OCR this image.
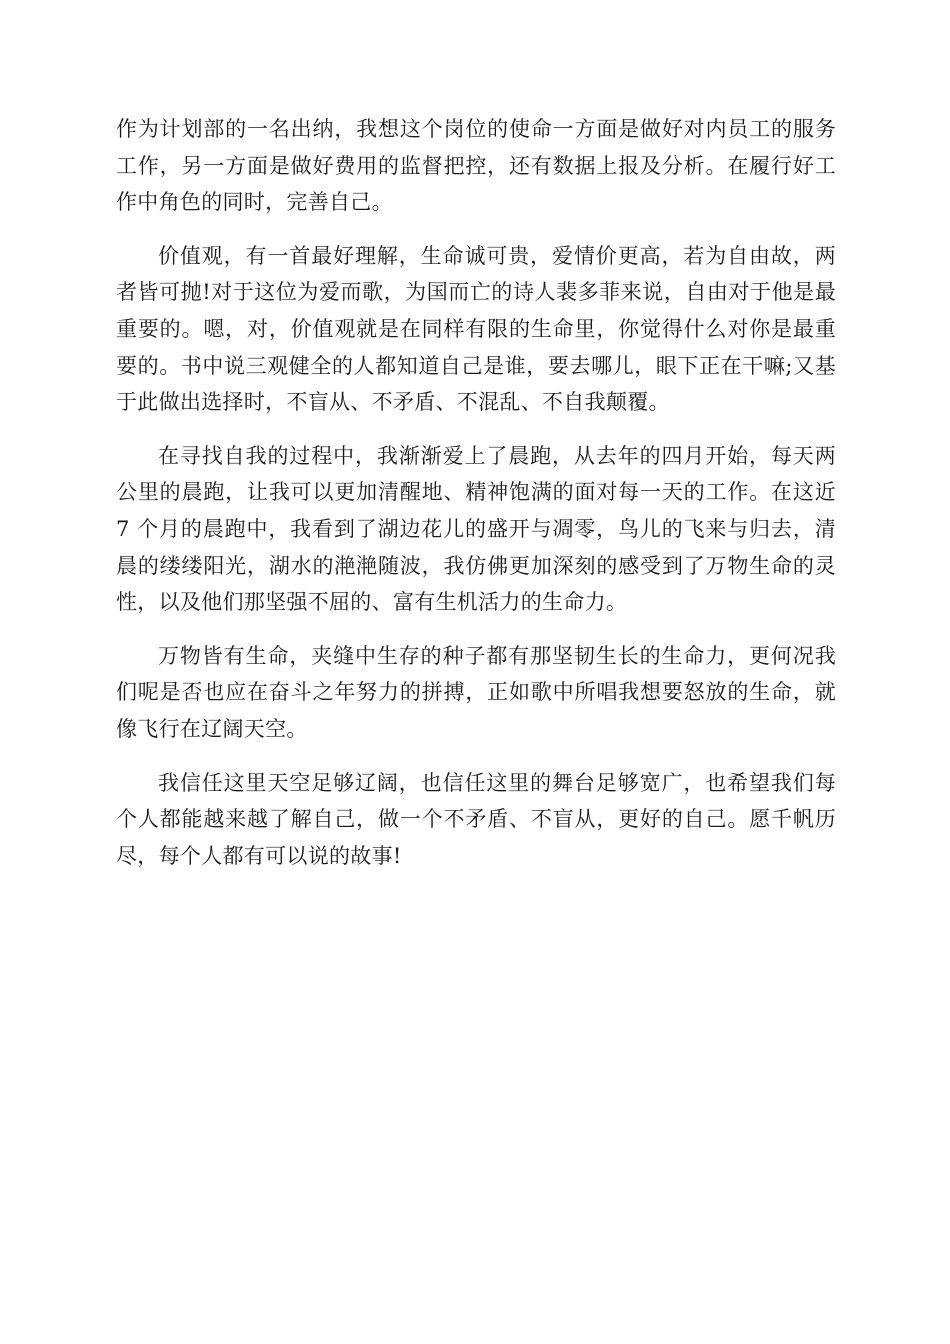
作为计划部的一名出纳，我想这个岗位的使命一方面是做好对内员工的服务工作，另一方面是做好费用的监督把控，还有数据上报及分析。在履行好工作中角色的同时，完善自己。

价值观，有一首最好理解，生命诚可贵，爱情价更高，若为自由故，两者皆可抛!对于这位为爱而歌，为国而亡的诗人裴多菲来说，自由对于他是最重要的。嗯，对，价值观就是在同样有限的生命里，你觉得什么对你是最重要的。书中说三观健全的人都知道自己是谁，要去哪儿，眼下正在干嘛;又基于此做出选择时，不盲从、不矛盾、不混乱、不自我颠覆。

在寻找自我的过程中，我渐渐爱上了晨跑，从去年的四月开始，每天两公里的晨跑，让我可以更加清醒地、精神饱满的面对每一天的工作。在这近 7 个月的晨跑中，我看到了湖边花儿的盛开与凋零，鸟儿的飞来与归去，清晨的缕缕阳光，湖水的滟滟随波，我仿佛更加深刻的感受到了万物生命的灵性，以及他们那坚强不屈的、富有生机活力的生命力。

万物皆有生命，夹缝中生存的种子都有那坚韧生长的生命力，更何况我们呢是否也应在奋斗之年努力的拼搏，正如歌中所唱我想要怒放的生命，就像飞行在辽阔天空。

我信任这里天空足够辽阔，也信任这里的舞台足够宽广，也希望我们每个人都能越来越了解自己，做一个不矛盾、不盲从，更好的自己。愿千帆历尽，每个人都有可以说的故事!
